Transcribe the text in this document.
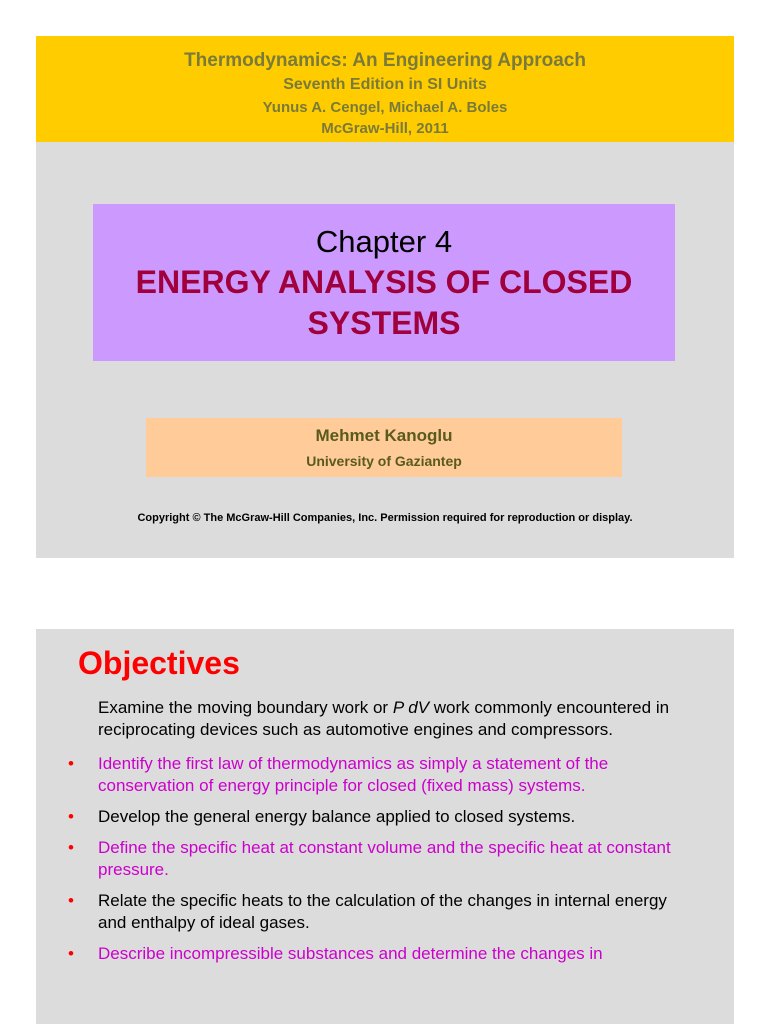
Thermodynamics: An Engineering Approach
Seventh Edition in SI Units
Yunus A. Cengel, Michael A. Boles
McGraw-Hill, 2011
Chapter 4
ENERGY ANALYSIS OF CLOSED SYSTEMS
Mehmet Kanoglu
University of Gaziantep
Copyright © The McGraw-Hill Companies, Inc. Permission required for reproduction or display.
Objectives
Examine the moving boundary work or P dV work commonly encountered in reciprocating devices such as automotive engines and compressors.
• Identify the first law of thermodynamics as simply a statement of the conservation of energy principle for closed (fixed mass) systems.
• Develop the general energy balance applied to closed systems.
• Define the specific heat at constant volume and the specific heat at constant pressure.
• Relate the specific heats to the calculation of the changes in internal energy and enthalpy of ideal gases.
• Describe incompressible substances and determine the changes in
